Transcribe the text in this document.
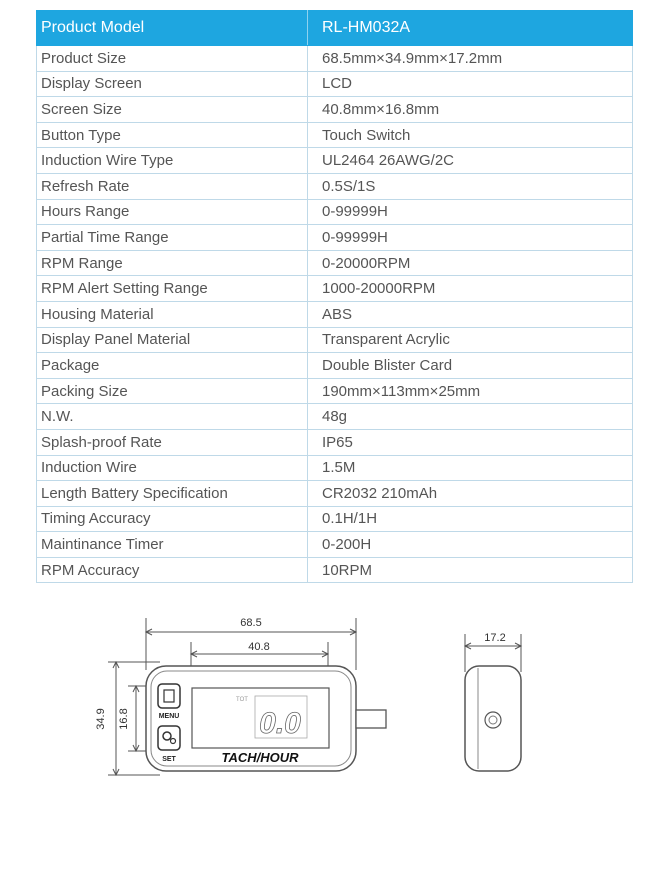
Product Model	RL-HM032A
Product Size	68.5mm×34.9mm×17.2mm
Display Screen	LCD
Screen Size	40.8mm×16.8mm
Button Type	Touch Switch
Induction Wire Type	UL2464 26AWG/2C
Refresh Rate	0.5S/1S
Hours Range	0-99999H
Partial Time Range	0-99999H
RPM Range	0-20000RPM
RPM Alert Setting Range	1000-20000RPM
Housing Material	ABS
Display Panel Material	Transparent Acrylic
Package	Double Blister Card
Packing Size	190mm×113mm×25mm
N.W.	48g
Splash-proof Rate	IP65
Induction Wire	1.5M
Length Battery Specification	CR2032 210mAh
Timing Accuracy	0.1H/1H
Maintinance Timer	0-200H
RPM Accuracy	10RPM
68.5
40.8
34.9 16.8	MENU
SET	TACH/HOUR
TOT
0.0
17.2
